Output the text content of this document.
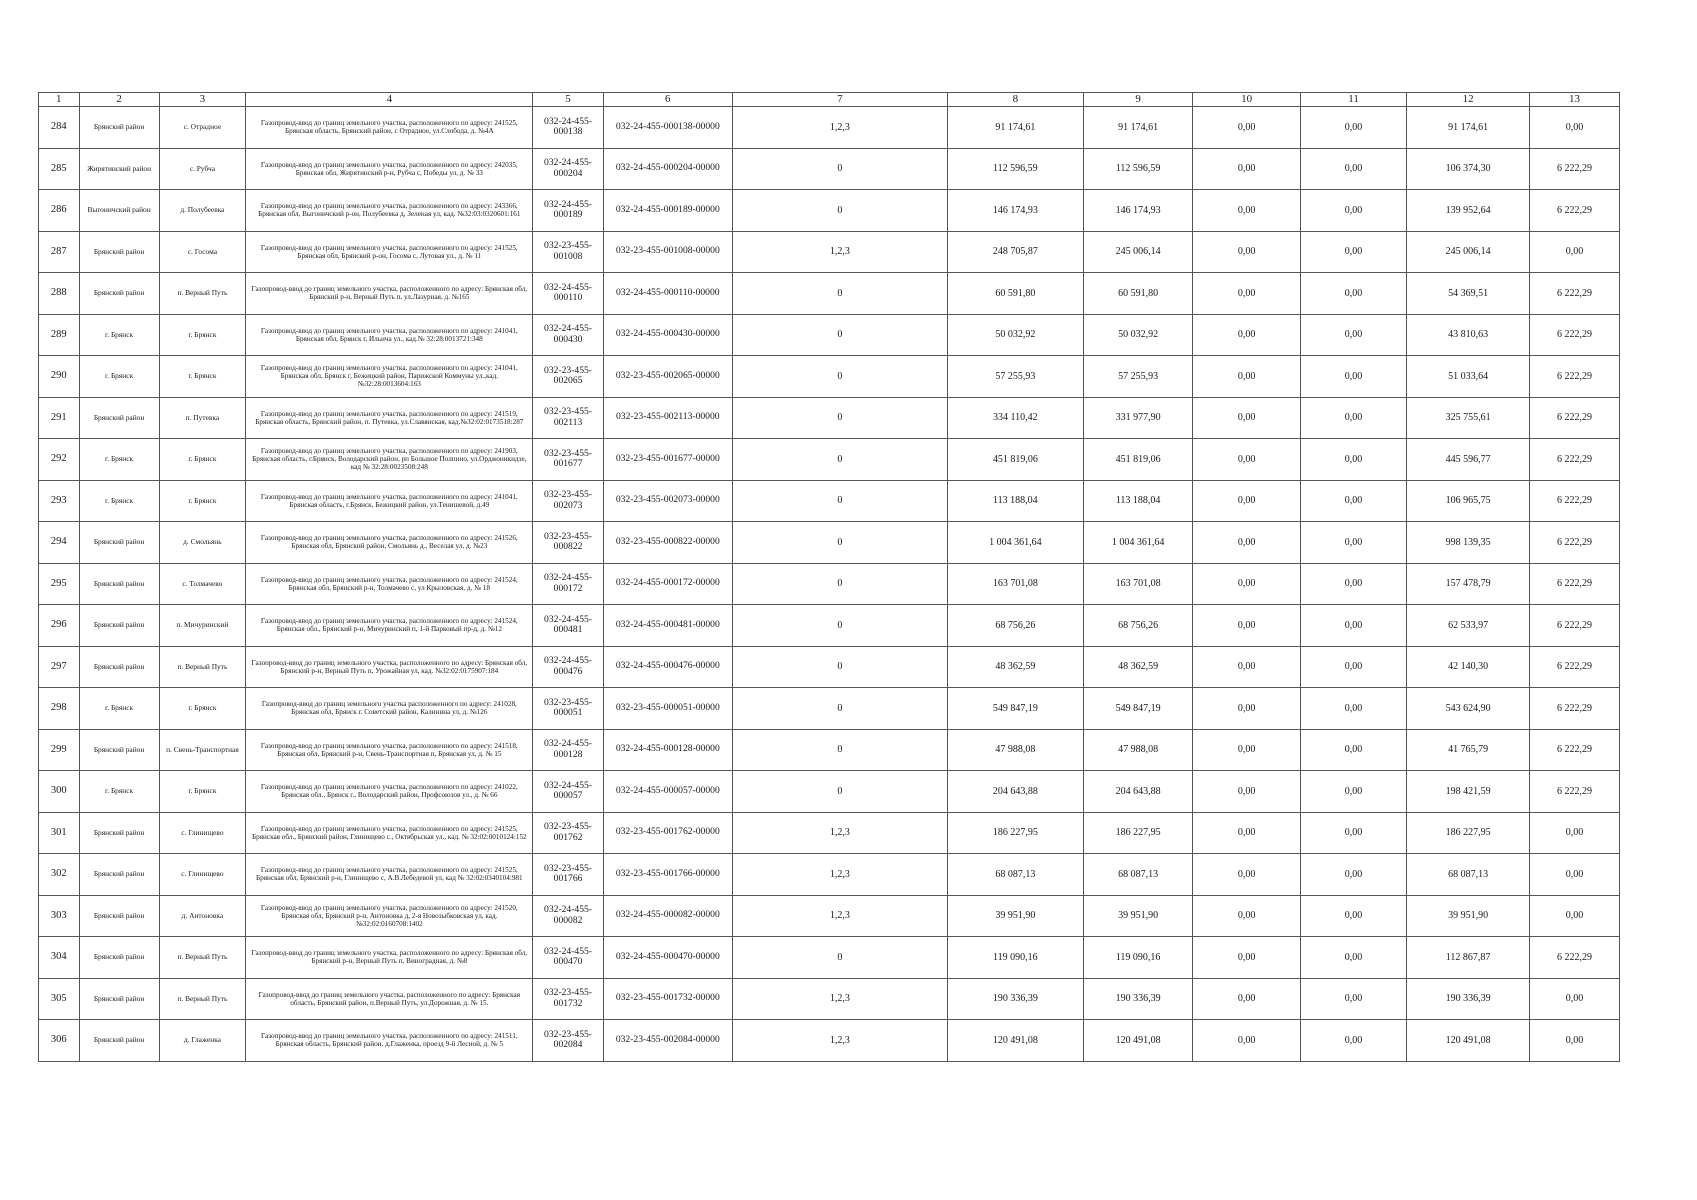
1	2	3	4	5	6	7	8	9	10	11	12	13
284	Брянский район	с. Отрадное	Газопровод-ввод до границ земельного участка, расположенного по адресу: 241525, Брянская область, Брянский район, с Отрадное, ул.Слобода, д. №4А	032-24-455-000138	032-24-455-000138-00000	1,2,3	91 174,61	91 174,61	0,00	0,00	91 174,61	0,00
285	Жирятинский район	с. Рубча	Газопровод-ввод до границ земельного участка, расположенного по адресу: 242035, Брянская обл, Жирятинский р-н, Рубча с, Победы ул, д. № 33	032-24-455-000204	032-24-455-000204-00000	0	112 596,59	112 596,59	0,00	0,00	106 374,30	6 222,29
286	Выгоничский район	д. Полубеевка	Газопровод-ввод до границ земельного участка, расположенного по адресу: 243366, Брянская обл, Выгоничский р-он, Полубеевка д, Зеленая ул, кад. №32:03:0320601:161	032-24-455-000189	032-24-455-000189-00000	0	146 174,93	146 174,93	0,00	0,00	139 952,64	6 222,29
287	Брянский район	с. Госома	Газопровод-ввод до границ земельного участка, расположенного по адресу: 241525, Брянская обл, Брянский р-он, Госома с, Лутовая ул., д. № 11	032-23-455-001008	032-23-455-001008-00000	1,2,3	248 705,87	245 006,14	0,00	0,00	245 006,14	0,00
288	Брянский район	п. Верный Путь	Газопровод-ввод до границ земельного участка, расположенного по адресу: Брянская обл, Брянский р-н, Верный Путь п, ул.Лазурная, д. №165	032-24-455-000110	032-24-455-000110-00000	0	60 591,80	60 591,80	0,00	0,00	54 369,51	6 222,29
289	г. Брянск	г. Брянск	Газопровод-ввод до границ земельного участка, расположенного по адресу: 241041, Брянская обл, Брянск г, Ильича ул., кад.№ 32:28:0013721:348	032-24-455-000430	032-24-455-000430-00000	0	50 032,92	50 032,92	0,00	0,00	43 810,63	6 222,29
290	г. Брянск	г. Брянск	Газопровод-ввод до границ земельного участка, расположенного по адресу: 241041, Брянская обл, Брянск г, Бежицкий район, Парижской Коммуны ул.,кад. №32:28:0013604:163	032-23-455-002065	032-23-455-002065-00000	0	57 255,93	57 255,93	0,00	0,00	51 033,64	6 222,29
291	Брянский район	п. Путевка	Газопровод-ввод до границ земельного участка, расположенного по адресу: 241519, Брянская область, Брянский район, п. Путевка, ул.Славянская, кад.№32:02:0173518:287	032-23-455-002113	032-23-455-002113-00000	0	334 110,42	331 977,90	0,00	0,00	325 755,61	6 222,29
292	г. Брянск	г. Брянск	Газопровод-ввод до границ земельного участка, расположенного по адресу: 241903, Брянская область, г.Брянск, Володарский район, рп Большое Полпино, ул.Орджоникидзе, кад № 32:28:0023508:248	032-23-455-001677	032-23-455-001677-00000	0	451 819,06	451 819,06	0,00	0,00	445 596,77	6 222,29
293	г. Брянск	г. Брянск	Газопровод-ввод до границ земельного участка, расположенного по адресу: 241041, Брянская область, г.Брянск, Бежицкий район, ул.Тенишевой, д.49	032-23-455-002073	032-23-455-002073-00000	0	113 188,04	113 188,04	0,00	0,00	106 965,75	6 222,29
294	Брянский район	д. Смольянь	Газопровод-ввод до границ земельного участка, расположенного по адресу: 241526, Брянская обл, Брянский район, Смольянь д., Веселая ул, д. №23	032-23-455-000822	032-23-455-000822-00000	0	1 004 361,64	1 004 361,64	0,00	0,00	998 139,35	6 222,29
295	Брянский район	с. Толмачево	Газопровод-ввод до границ земельного участка, расположенного по адресу: 241524, Брянская обл, Брянский р-н, Толмачево с, ул Крыловская, д. № 18	032-24-455-000172	032-24-455-000172-00000	0	163 701,08	163 701,08	0,00	0,00	157 478,79	6 222,29
296	Брянский район	п. Мичуринский	Газопровод-ввод до границ земельного участка, расположенного по адресу: 241524, Брянская обл., Брянский р-н, Мичуринский п, 1-й Парковый пр-д, д. №12	032-24-455-000481	032-24-455-000481-00000	0	68 756,26	68 756,26	0,00	0,00	62 533,97	6 222,29
297	Брянский район	п. Верный Путь	Газопровод-ввод до границ земельного участка, расположенного по адресу: Брянская обл, Брянский р-н, Верный Путь п, Урожайная ул, кад. №32:02:0175907:184	032-24-455-000476	032-24-455-000476-00000	0	48 362,59	48 362,59	0,00	0,00	42 140,30	6 222,29
298	г. Брянск	г. Брянск	Газопровод-ввод до границ земельного участка расположенного по адресу: 241028, Брянская обл, Брянск г. Советский район, Калинина ул, д. №126	032-23-455-000051	032-23-455-000051-00000	0	549 847,19	549 847,19	0,00	0,00	543 624,90	6 222,29
299	Брянский район	п. Свень-Транспортная	Газопровод-ввод до границ земельного участка, расположенного по адресу: 241518, Брянская обл, Брянский р-н, Свень-Транспортная п, Брянская ул, д. № 15	032-24-455-000128	032-24-455-000128-00000	0	47 988,08	47 988,08	0,00	0,00	41 765,79	6 222,29
300	г. Брянск	г. Брянск	Газопровод-ввод до границ земельного участка, расположенного по адресу: 241022, Брянская обл., Брянск г., Володарский район, Профсоюзов ул., д. № 66	032-24-455-000057	032-24-455-000057-00000	0	204 643,88	204 643,88	0,00	0,00	198 421,59	6 222,29
301	Брянский район	с. Глинищево	Газопровод-ввод до границ земельного участка, расположенного по адресу: 241525, Брянская обл., Брянский район, Глинищево с., Октябрьская ул., кад. № 32:02:0010124:152	032-23-455-001762	032-23-455-001762-00000	1,2,3	186 227,95	186 227,95	0,00	0,00	186 227,95	0,00
302	Брянский район	с. Глинищево	Газопровод-ввод до границ земельного участка, расположенного по адресу: 241525, Брянская обл, Брянский р-н, Глинищево с, А.В.Лебедевой ул, кад № 32:02:0340104:981	032-23-455-001766	032-23-455-001766-00000	1,2,3	68 087,13	68 087,13	0,00	0,00	68 087,13	0,00
303	Брянский район	д. Антоновка	Газопровод-ввод до границ земельного участка, расположенного по адресу: 241520, Брянская обл, Брянский р-н, Антоновка д, 2-я Новозыбковская ул, кад. №32:02:0160708:1402	032-24-455-000082	032-24-455-000082-00000	1,2,3	39 951,90	39 951,90	0,00	0,00	39 951,90	0,00
304	Брянский район	п. Верный Путь	Газопровод-ввод до границ земельного участка, расположенного по адресу: Брянская обл, Брянский р-н, Верный Путь п, Виноградная, д. №8	032-24-455-000470	032-24-455-000470-00000	0	119 090,16	119 090,16	0,00	0,00	112 867,87	6 222,29
305	Брянский район	п. Верный Путь	Газопровод-ввод до границ земельного участка, расположенного по адресу: Брянская область, Брянский район, п.Верный Путь, ул.Дорожная, д. № 15.	032-23-455-001732	032-23-455-001732-00000	1,2,3	190 336,39	190 336,39	0,00	0,00	190 336,39	0,00
306	Брянский район	д. Глаженка	Газопровод-ввод до границ земельного участка, расположенного по адресу: 241511, Брянская область, Брянский район, д.Глаженка, проезд 9-й Лесной, д. № 5	032-23-455-002084	032-23-455-002084-00000	1,2,3	120 491,08	120 491,08	0,00	0,00	120 491,08	0,00
